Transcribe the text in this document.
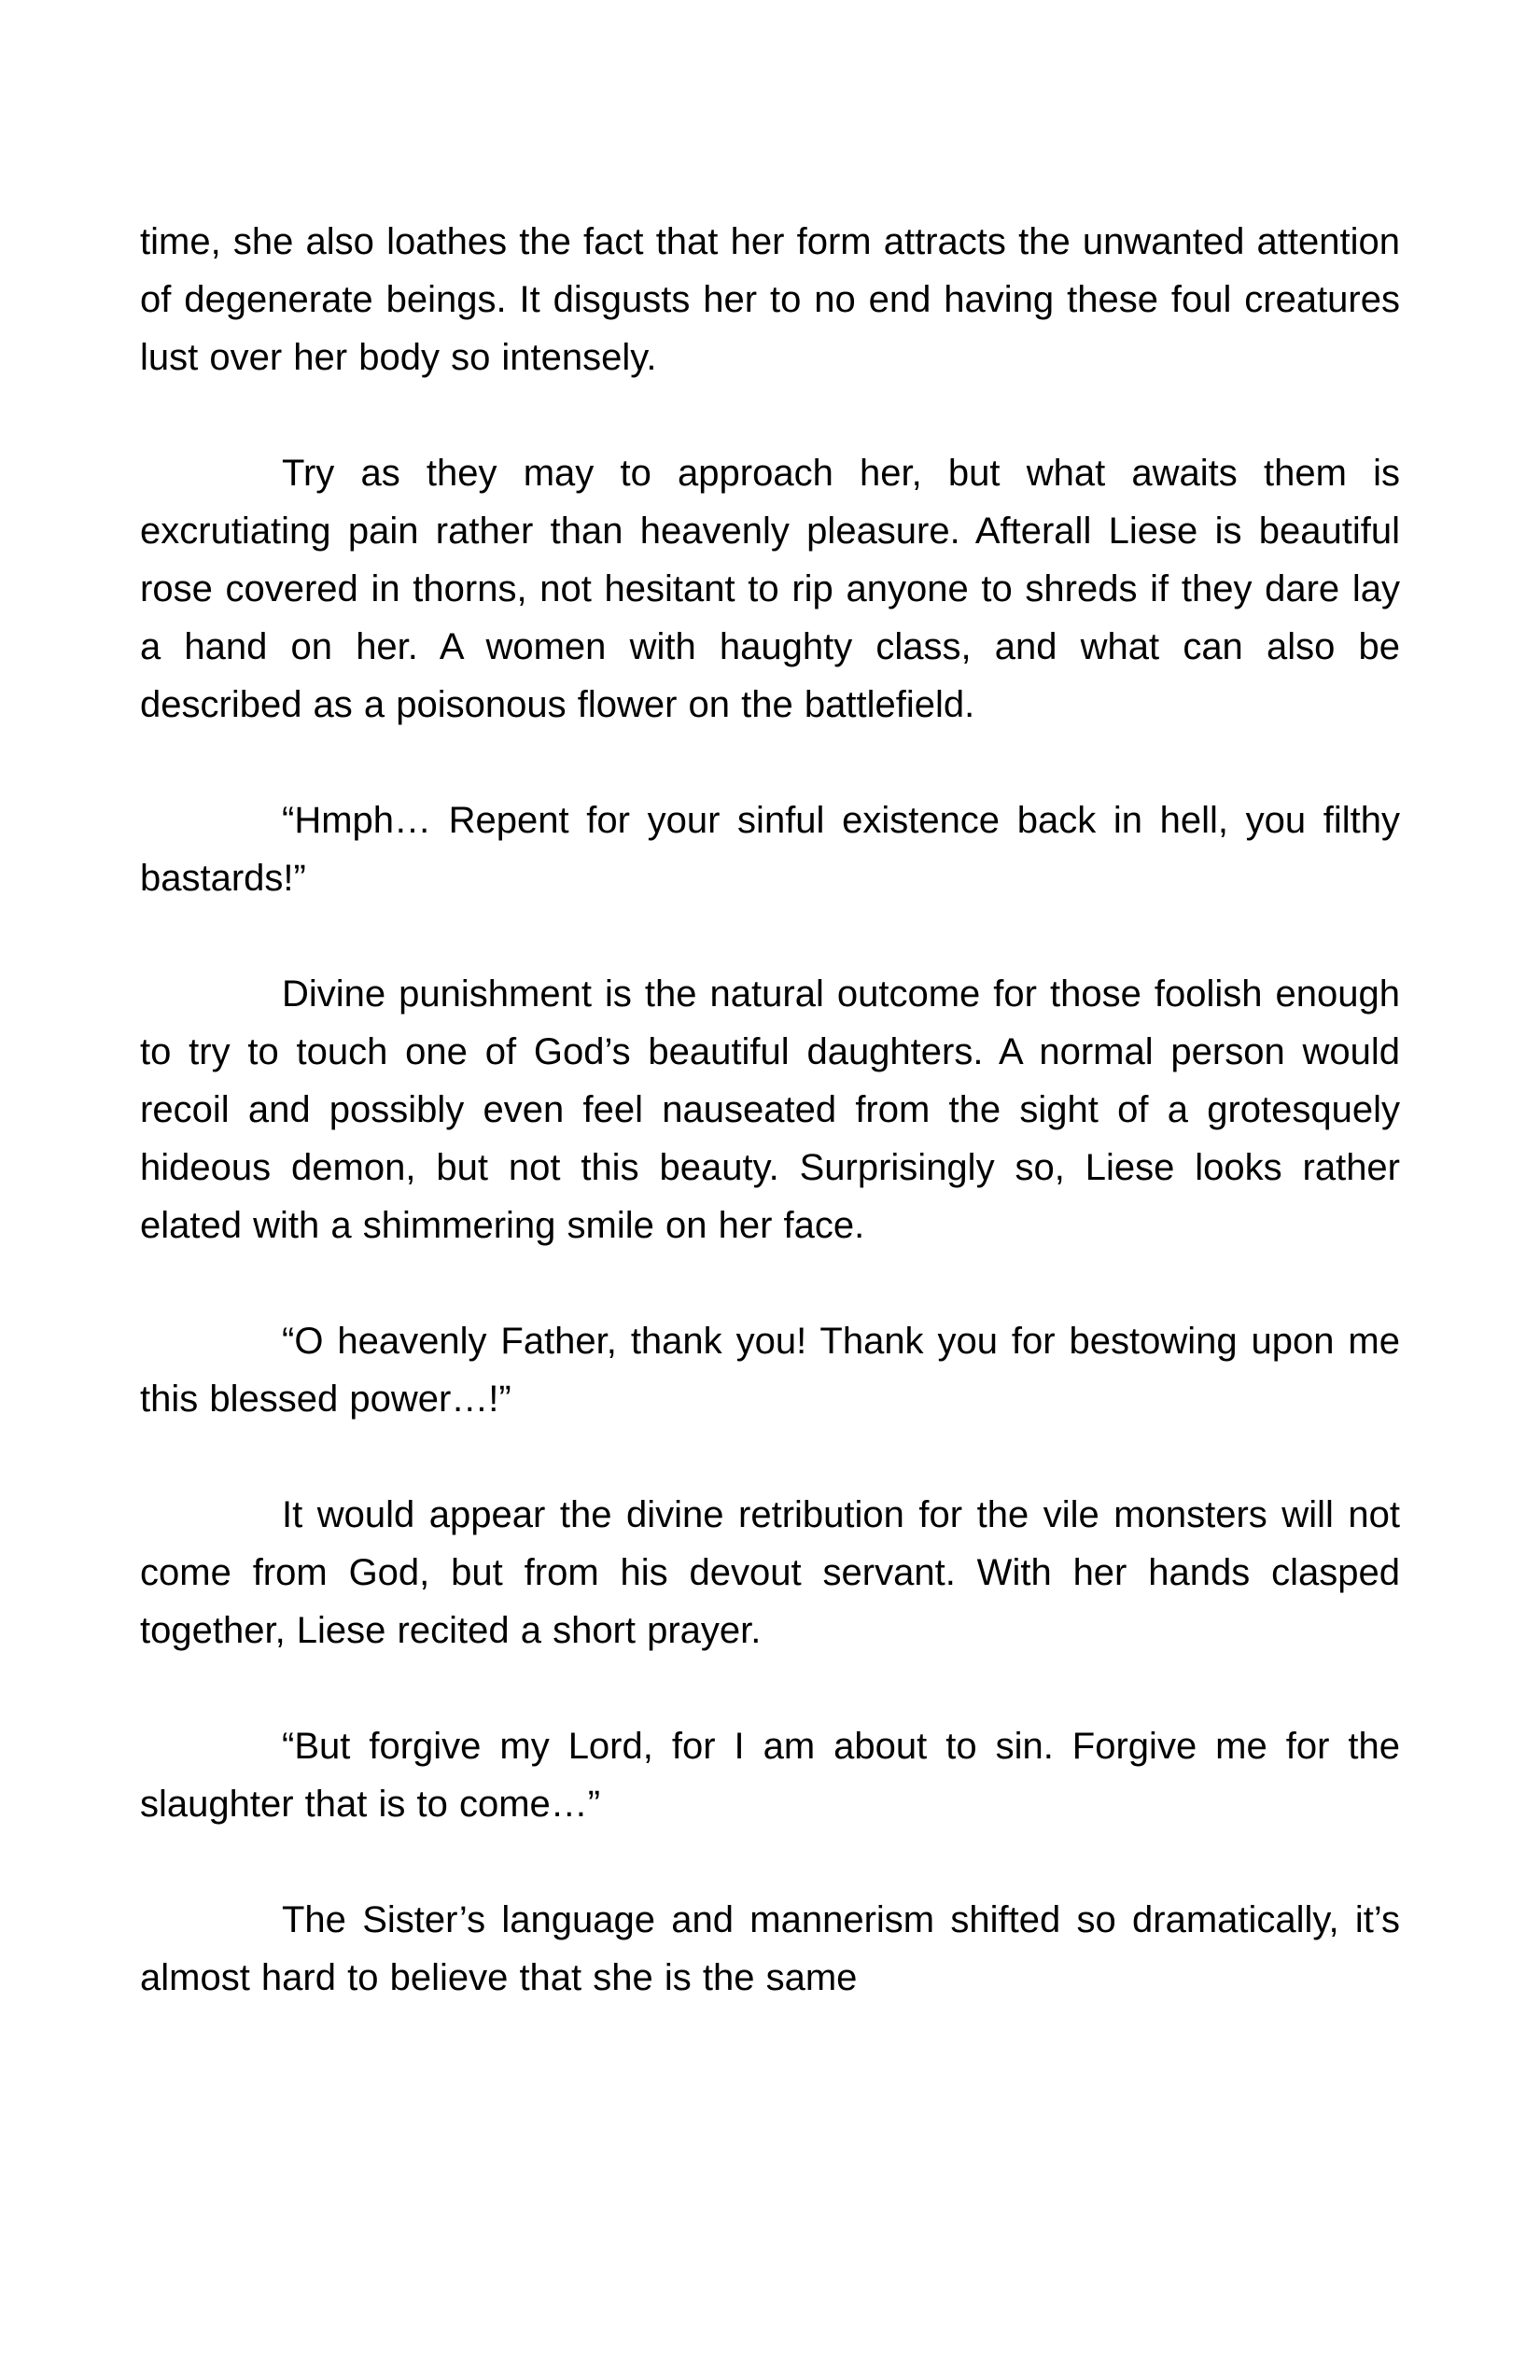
time, she also loathes the fact that her form attracts the unwanted attention of degenerate beings. It disgusts her to no end having these foul creatures lust over her body so intensely.

Try as they may to approach her, but what awaits them is excrutiating pain rather than heavenly pleasure. Afterall Liese is beautiful rose covered in thorns, not hesitant to rip anyone to shreds if they dare lay a hand on her. A women with haughty class, and what can also be described as a poisonous flower on the battlefield.

“Hmph… Repent for your sinful existence back in hell, you filthy bastards!”

Divine punishment is the natural outcome for those foolish enough to try to touch one of God’s beautiful daughters. A normal person would recoil and possibly even feel nauseated from the sight of a grotesquely hideous demon, but not this beauty. Surprisingly so, Liese looks rather elated with a shimmering smile on her face.

“O heavenly Father, thank you! Thank you for bestowing upon me this blessed power…!”

It would appear the divine retribution for the vile monsters will not come from God, but from his devout servant. With her hands clasped together, Liese recited a short prayer.

“But forgive my Lord, for I am about to sin. Forgive me for the slaughter that is to come…”

The Sister’s language and mannerism shifted so dramatically, it’s almost hard to believe that she is the same
